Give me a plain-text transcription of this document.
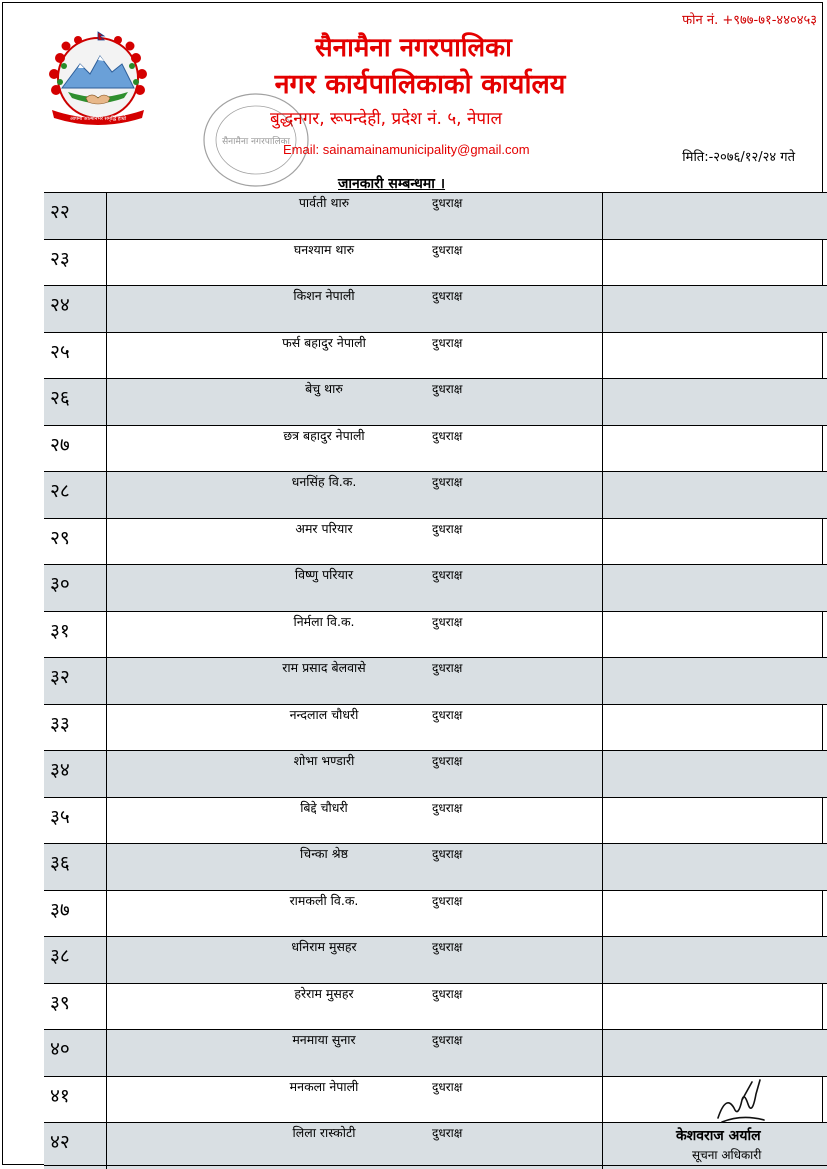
आफ्नो आत्मनिर्भर समृद्धि हाम्रो
फोन नं. +९७७-७१-४४०४५३
सैनामैना नगरपालिका
नगर कार्यपालिकाको कार्यालय
बुद्धनगर, रूपन्देही, प्रदेश नं. ५, नेपाल
सैनामैना नगरपालिका
Email: sainamainamunicipality@gmail.com
मिति:-२०७६/१२/२४ गते
जानकारी सम्बन्धमा ।
२२	पार्वती थारु	दुधराक्ष
२३	घनश्याम थारु	दुधराक्ष
२४	किशन नेपाली	दुधराक्ष
२५	फर्स बहादुर नेपाली	दुधराक्ष
२६	बेचु थारु	दुधराक्ष
२७	छत्र बहादुर नेपाली	दुधराक्ष
२८	धनसिंह वि.क.	दुधराक्ष
२९	अमर परियार	दुधराक्ष
३०	विष्णु परियार	दुधराक्ष
३१	निर्मला वि.क.	दुधराक्ष
३२	राम प्रसाद बेलवासे	दुधराक्ष
३३	नन्दलाल चौधरी	दुधराक्ष
३४	शोभा भण्डारी	दुधराक्ष
३५	बिद्दे चौधरी	दुधराक्ष
३६	चिन्का श्रेष्ठ	दुधराक्ष
३७	रामकली वि.क.	दुधराक्ष
३८	धनिराम मुसहर	दुधराक्ष
३९	हरेराम मुसहर	दुधराक्ष
४०	मनमाया सुनार	दुधराक्ष
४१	मनकला नेपाली	दुधराक्ष
४२	लिला रास्कोटी	दुधराक्ष	केशवराज अर्याल
सूचना अधिकारी
